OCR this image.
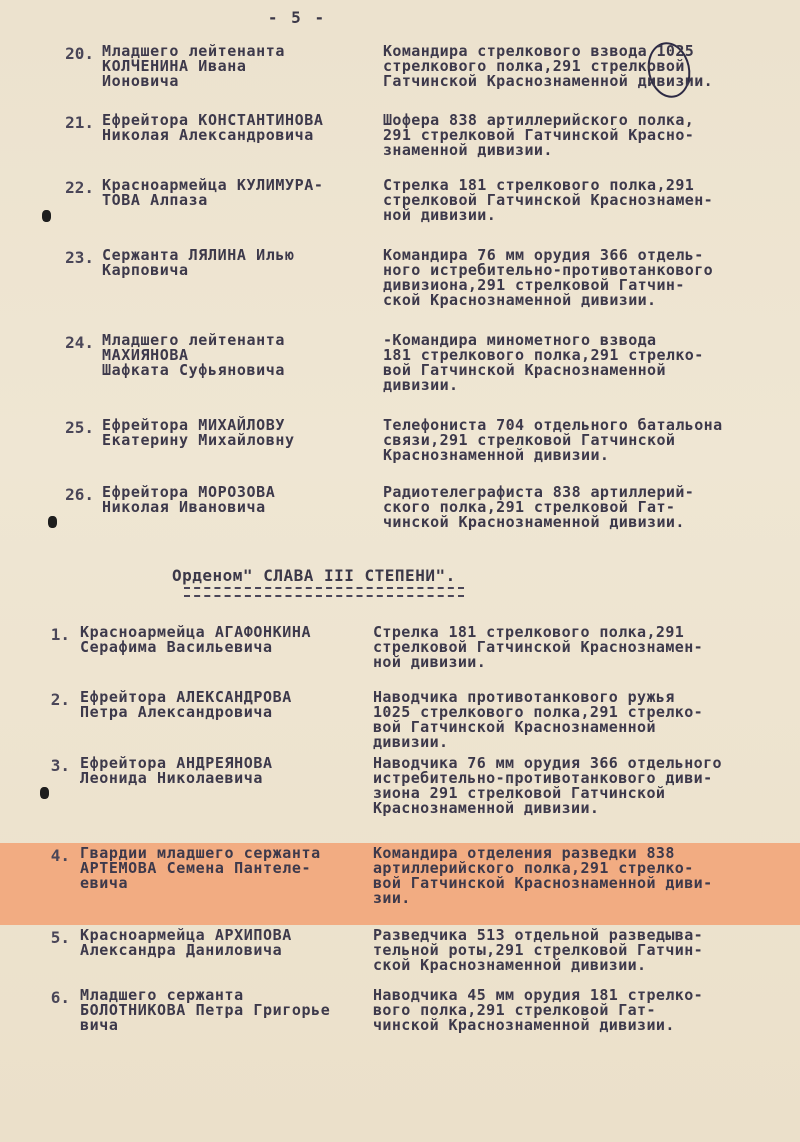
- 5 -
20. Младшего лейтенанта
КОЛЧЕНИНА Ивана
Ионовича
Командира стрелкового взвода 1025
стрелкового полка,291 стрелковой
Гатчинской Краснознаменной дивизии.
21. Ефрейтора КОНСТАНТИНОВА
Николая Александровича
Шофера 838 артиллерийского полка,
291 стрелковой Гатчинской Красно-
знаменной дивизии.
22. Красноармейца КУЛИМУРА-
ТОВА Алпаза
Стрелка 181 стрелкового полка,291
стрелковой Гатчинской Краснознамен-
ной дивизии.
23. Сержанта ЛЯЛИНА Илью
Карповича
Командира 76 мм орудия 366 отдель-
ного истребительно-противотанкового
дивизиона,291 стрелковой Гатчин-
ской Краснознаменной дивизии.
24. Младшего лейтенанта МАХИЯНОВА
Шафката Суфьяновича
-Командира минометного взвода
181 стрелкового полка,291 стрелко-
вой Гатчинской Краснознаменной
дивизии.
25. Ефрейтора МИХАЙЛОВУ
Екатерину Михайловну
Телефониста 704 отдельного батальона
связи,291 стрелковой Гатчинской
Краснознаменной дивизии.
26. Ефрейтора МОРОЗОВА
Николая Ивановича
Радиотелеграфиста 838 артиллерий-
ского полка,291 стрелковой Гат-
чинской Краснознаменной дивизии.
Орденом" СЛАВА III СТЕПЕНИ".
1. Красноармейца АГАФОНКИНА
Серафима Васильевича
Стрелка 181 стрелкового полка,291
стрелковой Гатчинской Краснознамен-
ной дивизии.
2. Ефрейтора АЛЕКСАНДРОВА
Петра Александровича
Наводчика противотанкового ружья
1025 стрелкового полка,291 стрелко-
вой Гатчинской Краснознаменной
дивизии.
3. Ефрейтора АНДРЕЯНОВА
Леонида Николаевича
Наводчика 76 мм орудия 366 отдельного
истребительно-противотанкового диви-
зиона 291 стрелковой Гатчинской
Краснознаменной дивизии.
4. Гвардии младшего сержанта
АРТЕМОВА Семена Пантеле-
евича
Командира отделения разведки 838
артиллерийского полка,291 стрелко-
вой Гатчинской Краснознаменной диви-
зии.
5. Красноармейца АРХИПОВА
Александра Даниловича
Разведчика 513 отдельной разведыва-
тельной роты,291 стрелковой Гатчин-
ской Краснознаменной дивизии.
6. Младшего сержанта
БОЛОТНИКОВА Петра Григорье
вича
Наводчика 45 мм орудия 181 стрелко-
вого полка,291 стрелковой Гат-
чинской Краснознаменной дивизии.
